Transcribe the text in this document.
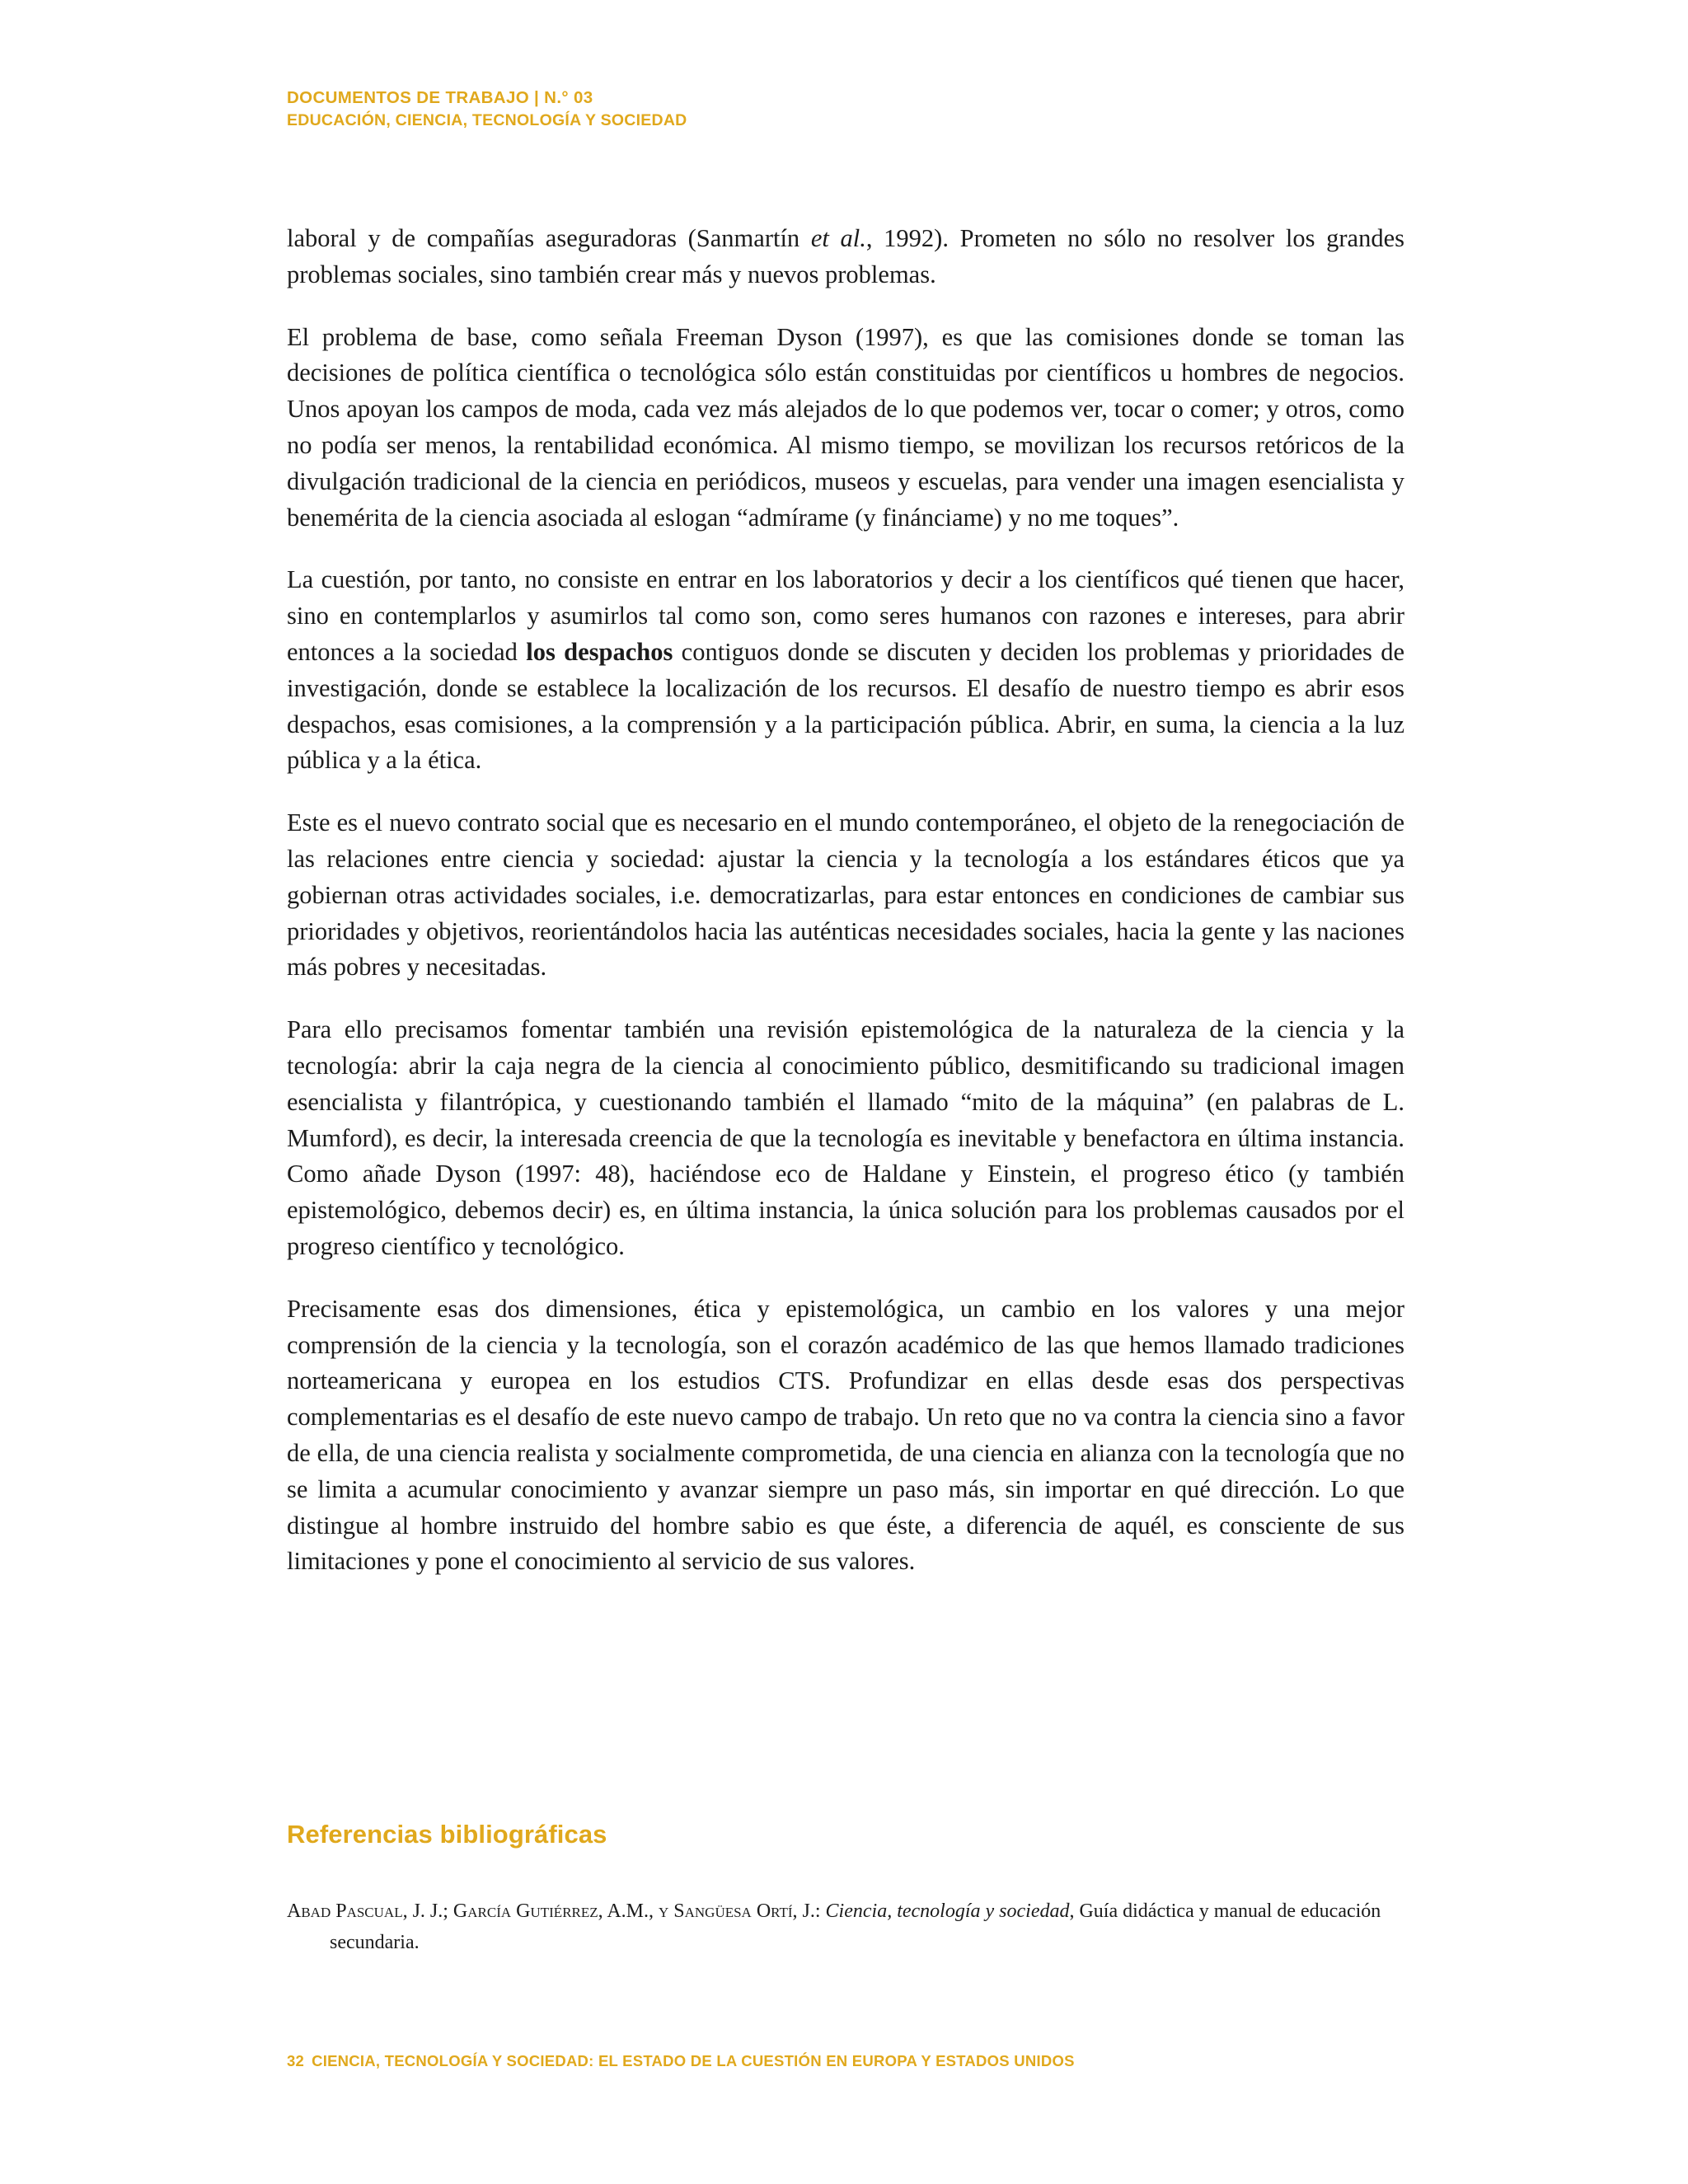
DOCUMENTOS DE TRABAJO | N.° 03
EDUCACIÓN, CIENCIA, TECNOLOGÍA Y SOCIEDAD

laboral y de compañías aseguradoras (Sanmartín et al., 1992). Prometen no sólo no resolver los grandes problemas sociales, sino también crear más y nuevos problemas.

El problema de base, como señala Freeman Dyson (1997), es que las comisiones donde se toman las decisiones de política científica o tecnológica sólo están constituidas por científicos u hombres de negocios. Unos apoyan los campos de moda, cada vez más alejados de lo que podemos ver, tocar o comer; y otros, como no podía ser menos, la rentabilidad económica. Al mismo tiempo, se movilizan los recursos retóricos de la divulgación tradicional de la ciencia en periódicos, museos y escuelas, para vender una imagen esencialista y benemérita de la ciencia asociada al eslogan “admírame (y finánciame) y no me toques”.

La cuestión, por tanto, no consiste en entrar en los laboratorios y decir a los científicos qué tienen que hacer, sino en contemplarlos y asumirlos tal como son, como seres humanos con razones e intereses, para abrir entonces a la sociedad los despachos contiguos donde se discuten y deciden los problemas y prioridades de investigación, donde se establece la localización de los recursos. El desafío de nuestro tiempo es abrir esos despachos, esas comisiones, a la comprensión y a la participación pública. Abrir, en suma, la ciencia a la luz pública y a la ética.

Este es el nuevo contrato social que es necesario en el mundo contemporáneo, el objeto de la renegociación de las relaciones entre ciencia y sociedad: ajustar la ciencia y la tecnología a los estándares éticos que ya gobiernan otras actividades sociales, i.e. democratizarlas, para estar entonces en condiciones de cambiar sus prioridades y objetivos, reorientándolos hacia las auténticas necesidades sociales, hacia la gente y las naciones más pobres y necesitadas.

Para ello precisamos fomentar también una revisión epistemológica de la naturaleza de la ciencia y la tecnología: abrir la caja negra de la ciencia al conocimiento público, desmitificando su tradicional imagen esencialista y filantrópica, y cuestionando también el llamado “mito de la máquina” (en palabras de L. Mumford), es decir, la interesada creencia de que la tecnología es inevitable y benefactora en última instancia. Como añade Dyson (1997: 48), haciéndose eco de Haldane y Einstein, el progreso ético (y también epistemológico, debemos decir) es, en última instancia, la única solución para los problemas causados por el progreso científico y tecnológico.

Precisamente esas dos dimensiones, ética y epistemológica, un cambio en los valores y una mejor comprensión de la ciencia y la tecnología, son el corazón académico de las que hemos llamado tradiciones norteamericana y europea en los estudios CTS. Profundizar en ellas desde esas dos perspectivas complementarias es el desafío de este nuevo campo de trabajo. Un reto que no va contra la ciencia sino a favor de ella, de una ciencia realista y socialmente comprometida, de una ciencia en alianza con la tecnología que no se limita a acumular conocimiento y avanzar siempre un paso más, sin importar en qué dirección. Lo que distingue al hombre instruido del hombre sabio es que éste, a diferencia de aquél, es consciente de sus limitaciones y pone el conocimiento al servicio de sus valores.

Referencias bibliográficas
Abad Pascual, J. J.; García Gutiérrez, A.M., y Sangüesa Ortí, J.: Ciencia, tecnología y sociedad, Guía didáctica y manual de educación secundaria.
32 CIENCIA, TECNOLOGÍA Y SOCIEDAD: EL ESTADO DE LA CUESTIÓN EN EUROPA Y ESTADOS UNIDOS
